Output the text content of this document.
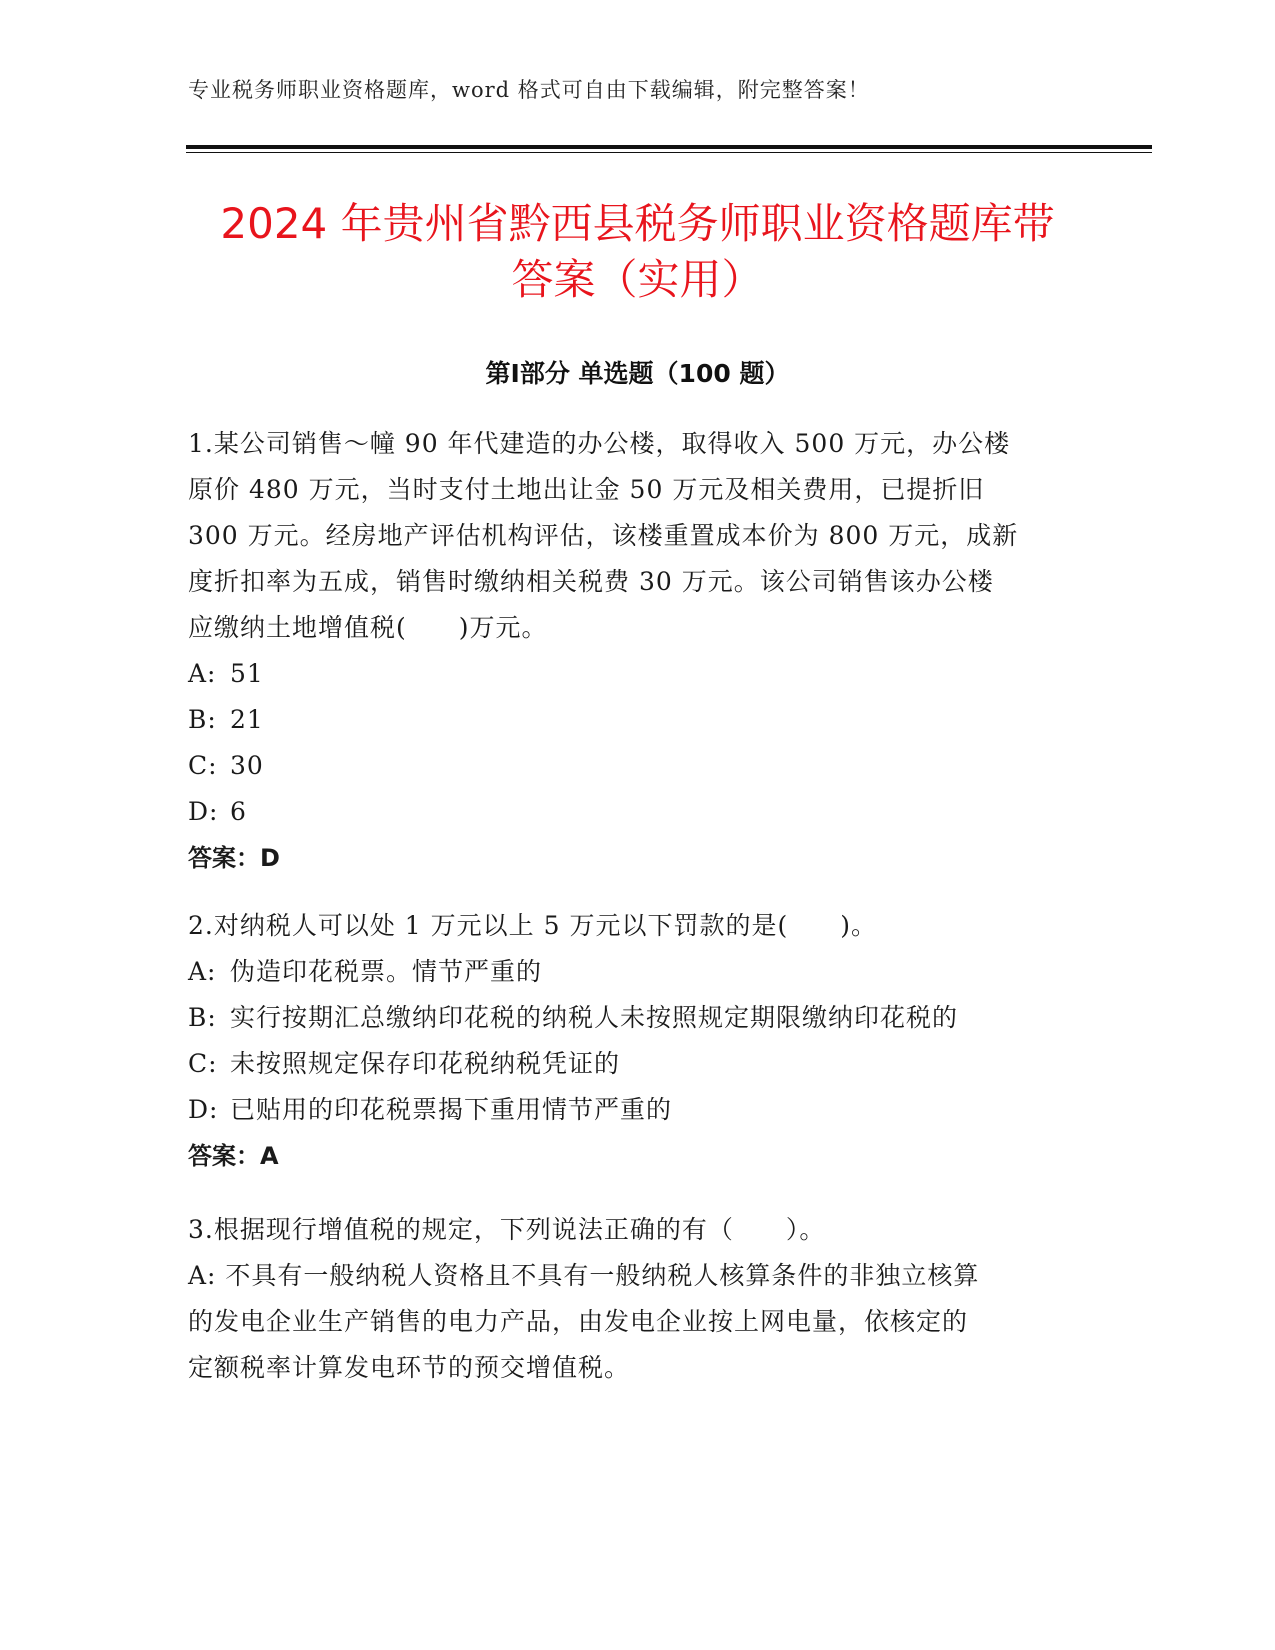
专业税务师职业资格题库，word 格式可自由下载编辑，附完整答案！
2024 年贵州省黔西县税务师职业资格题库带
答案（实用）
第Ⅰ部分 单选题（100 题）

1.某公司销售～幢 90 年代建造的办公楼，取得收入 500 万元，办公楼

原价 480 万元，当时支付土地出让金 50 万元及相关费用，已提折旧

300 万元。经房地产评估机构评估，该楼重置成本价为 800 万元，成新

度折扣率为五成，销售时缴纳相关税费 30 万元。该公司销售该办公楼

应缴纳土地增值税(　　)万元。

A: 51

B: 21

C: 30

D: 6

答案：D

2.对纳税人可以处 1 万元以上 5 万元以下罚款的是(　　)。

A: 伪造印花税票。情节严重的

B: 实行按期汇总缴纳印花税的纳税人未按照规定期限缴纳印花税的

C: 未按照规定保存印花税纳税凭证的

D: 已贴用的印花税票揭下重用情节严重的

答案：A

3.根据现行增值税的规定，下列说法正确的有（　　）。

A: 不具有一般纳税人资格且不具有一般纳税人核算条件的非独立核算

的发电企业生产销售的电力产品，由发电企业按上网电量，依核定的

定额税率计算发电环节的预交增值税。
